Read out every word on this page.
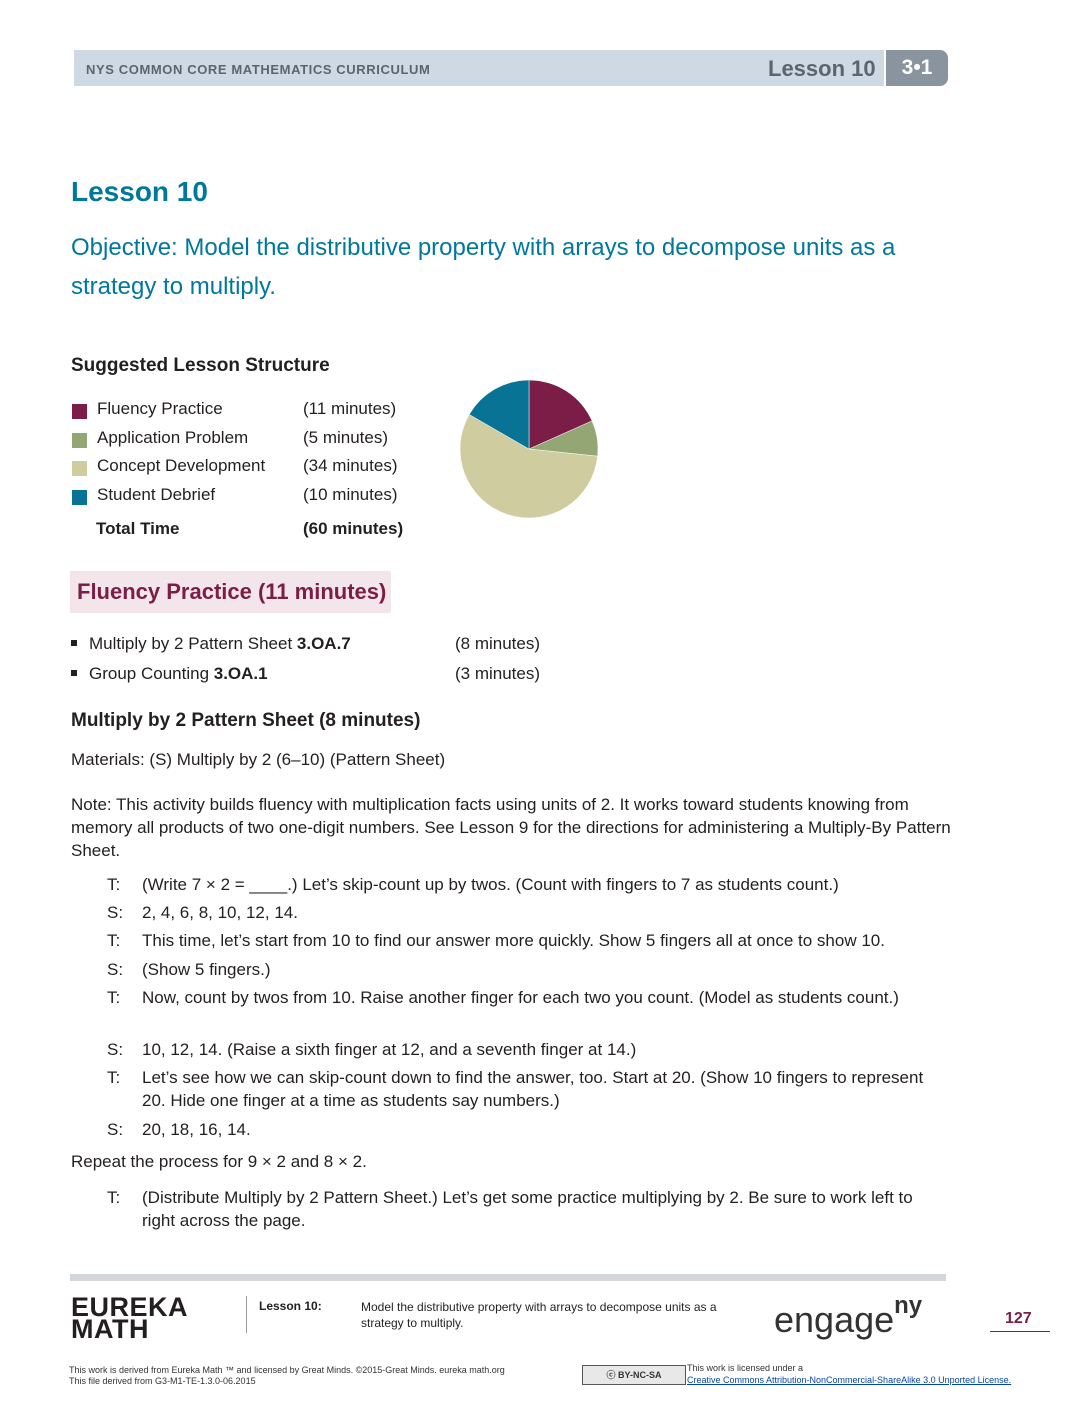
NYS COMMON CORE MATHEMATICS CURRICULUM	Lesson 10	3•1
Lesson 10
Objective: Model the distributive property with arrays to decompose units as a strategy to multiply.
Suggested Lesson Structure
Fluency Practice	(11 minutes)
Application Problem	(5 minutes)
Concept Development (34 minutes)
Student Debrief	(10 minutes)
Total Time	(60 minutes)
Fluency Practice (11 minutes)
Multiply by 2 Pattern Sheet 3.OA.7	(8 minutes)
Group Counting 3.OA.1	(3 minutes)
Multiply by 2 Pattern Sheet (8 minutes)
Materials: (S) Multiply by 2 (6–10) (Pattern Sheet)
Note: This activity builds fluency with multiplication facts using units of 2. It works toward students knowing from memory all products of two one-digit numbers. See Lesson 9 for the directions for administering a Multiply-By Pattern Sheet.
T: (Write 7 × 2 = ____.) Let’s skip-count up by twos. (Count with fingers to 7 as students count.)
S: 2, 4, 6, 8, 10, 12, 14.
T: This time, let’s start from 10 to find our answer more quickly. Show 5 fingers all at once to show 10.
S: (Show 5 fingers.)
T: Now, count by twos from 10. Raise another finger for each two you count. (Model as students count.)
S: 10, 12, 14. (Raise a sixth finger at 12, and a seventh finger at 14.)
T: Let’s see how we can skip-count down to find the answer, too. Start at 20. (Show 10 fingers to represent 20. Hide one finger at a time as students say numbers.)
S: 20, 18, 16, 14.
Repeat the process for 9 × 2 and 8 × 2.
T: (Distribute Multiply by 2 Pattern Sheet.) Let’s get some practice multiplying by 2. Be sure to work left to right across the page.
EUREKA
MATH
Lesson 10:	Model the distributive property with arrays to decompose units as a strategy to multiply.	engage$^{ny}$	127
This work is derived from Eureka Math ™ and licensed by Great Minds. ©2015-Great Minds. eureka math.org
This file derived from G3-M1-TE-1.3.0-06.2015
ⓒ BY-NC-SA
This work is licensed under a
Creative Commons Attribution-NonCommercial-ShareAlike 3.0 Unported License.
